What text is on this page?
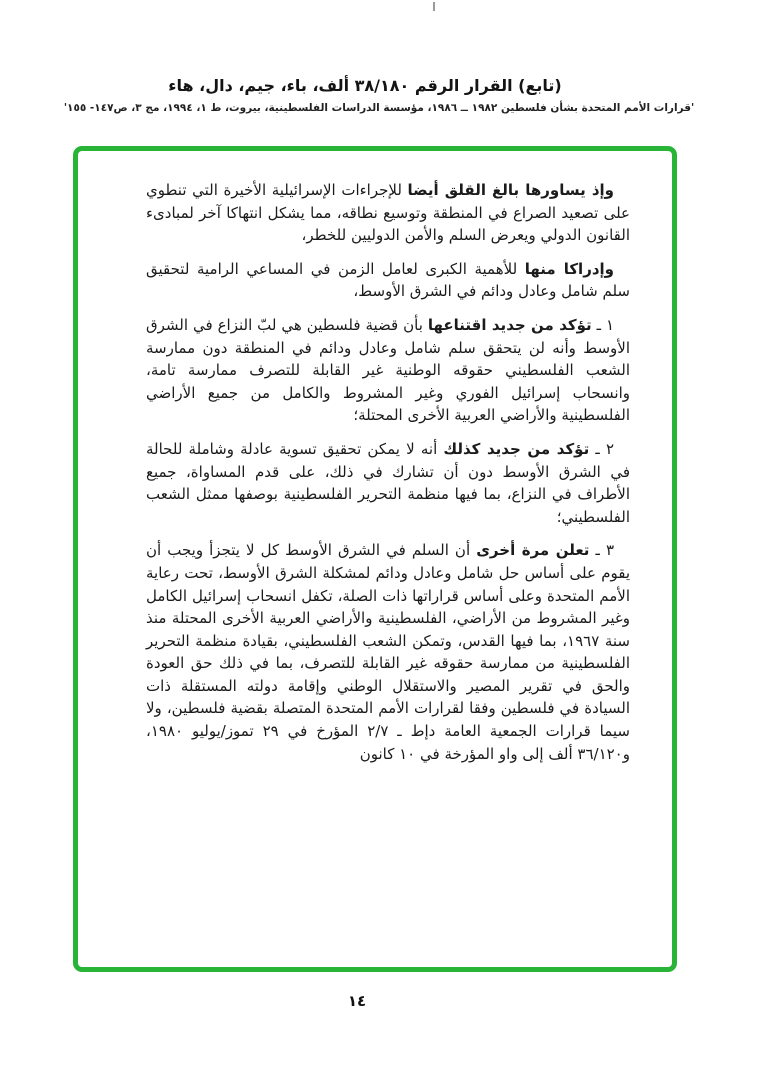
(تابع) القرار الرقم ٣٨/١٨٠ ألف، باء، جيم، دال، هاء
'قرارات الأمم المتحدة بشأن فلسطين ١٩٨٢ ــ ١٩٨٦، مؤسسة الدراسات الفلسطينية، بيروت، ط ١، ١٩٩٤، مج ٣، ص١٤٧- ١٥٥'

وإذ يساورها بالغ القلق أيضا للإجراءات الإسرائيلية الأخيرة التي تنطوي على تصعيد الصراع في المنطقة وتوسيع نطاقه، مما يشكل انتهاكا آخر لمبادىء القانون الدولي ويعرض السلم والأمن الدوليين للخطر،

وإدراكا منها للأهمية الكبرى لعامل الزمن في المساعي الرامية لتحقيق سلم شامل وعادل ودائم في الشرق الأوسط،

١ ـ تؤكد من جديد اقتناعها بأن قضية فلسطين هي لبّ النزاع في الشرق الأوسط وأنه لن يتحقق سلم شامل وعادل ودائم في المنطقة دون ممارسة الشعب الفلسطيني حقوقه الوطنية غير القابلة للتصرف ممارسة تامة، وانسحاب إسرائيل الفوري وغير المشروط والكامل من جميع الأراضي الفلسطينية والأراضي العربية الأخرى المحتلة؛

٢ ـ تؤكد من جديد كذلك أنه لا يمكن تحقيق تسوية عادلة وشاملة للحالة في الشرق الأوسط دون أن تشارك في ذلك، على قدم المساواة، جميع الأطراف في النزاع، بما فيها منظمة التحرير الفلسطينية بوصفها ممثل الشعب الفلسطيني؛

٣ ـ تعلن مرة أخرى أن السلم في الشرق الأوسط كل لا يتجزأ ويجب أن يقوم على أساس حل شامل وعادل ودائم لمشكلة الشرق الأوسط، تحت رعاية الأمم المتحدة وعلى أساس قراراتها ذات الصلة، تكفل انسحاب إسرائيل الكامل وغير المشروط من الأراضي، الفلسطينية والأراضي العربية الأخرى المحتلة منذ سنة ١٩٦٧، بما فيها القدس، وتمكن الشعب الفلسطيني، بقيادة منظمة التحرير الفلسطينية من ممارسة حقوقه غير القابلة للتصرف، بما في ذلك حق العودة والحق في تقرير المصير والاستقلال الوطني وإقامة دولته المستقلة ذات السيادة في فلسطين وفقا لقرارات الأمم المتحدة المتصلة بقضية فلسطين، ولا سيما قرارات الجمعية العامة دإط ـ ٢/٧ المؤرخ في ٢٩ تموز/يوليو ١٩٨٠، و٣٦/١٢٠ ألف إلى واو المؤرخة في ١٠ كانون

١٤
